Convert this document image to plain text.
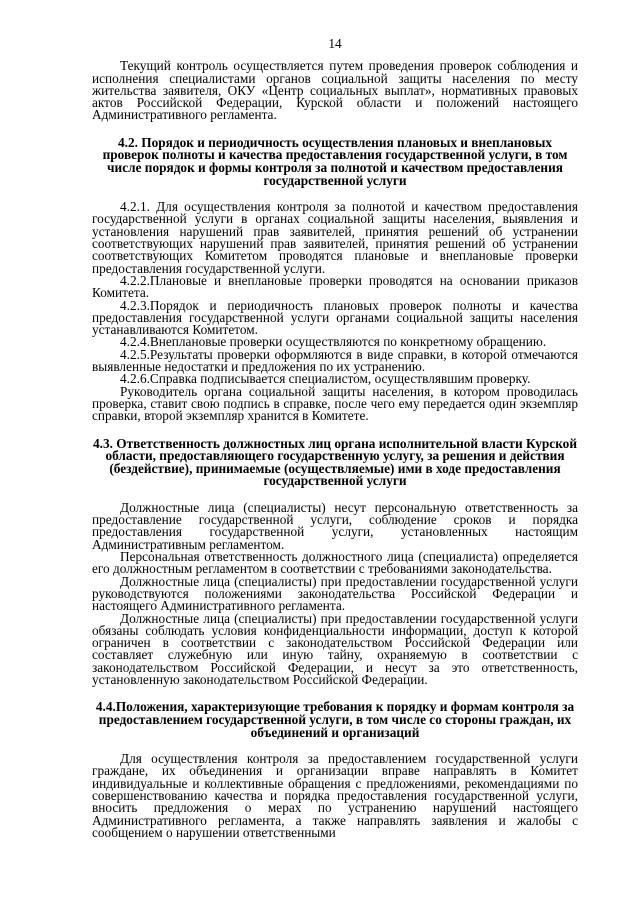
14

Текущий контроль осуществляется путем проведения проверок соблюдения и исполнения специалистами органов социальной защиты населения по месту жительства заявителя, ОКУ «Центр социальных выплат», нормативных правовых актов Российской Федерации, Курской области и положений настоящего Административного регламента.

4.2. Порядок и периодичность осуществления плановых и внеплановых проверок полноты и качества предоставления государственной услуги, в том числе порядок и формы контроля за полнотой и качеством предоставления государственной услуги

4.2.1. Для осуществления контроля за полнотой и качеством предоставления государственной услуги в органах социальной защиты населения, выявления и установления нарушений прав заявителей, принятия решений об устранении соответствующих нарушений прав заявителей, принятия решений об устранении соответствующих Комитетом проводятся плановые и внеплановые проверки предоставления государственной услуги.

4.2.2.Плановые и внеплановые проверки проводятся на основании приказов Комитета.

4.2.3.Порядок и периодичность плановых проверок полноты и качества предоставления государственной услуги органами социальной защиты населения устанавливаются Комитетом.

4.2.4.Внеплановые проверки осуществляются по конкретному обращению.

4.2.5.Результаты проверки оформляются в виде справки, в которой отмечаются выявленные недостатки и предложения по их устранению.

4.2.6.Справка подписывается специалистом, осуществлявшим проверку.

Руководитель органа социальной защиты населения, в котором проводилась проверка, ставит свою подпись в справке, после чего ему передается один экземпляр справки, второй экземпляр хранится в Комитете.

4.3. Ответственность должностных лиц органа исполнительной власти Курской области, предоставляющего государственную услугу, за решения и действия (бездействие), принимаемые (осуществляемые) ими в ходе предоставления государственной услуги

Должностные лица (специалисты) несут персональную ответственность за предоставление государственной услуги, соблюдение сроков и порядка предоставления государственной услуги, установленных настоящим Административным регламентом.

Персональная ответственность должностного лица (специалиста) определяется его должностным регламентом в соответствии с требованиями законодательства.

Должностные лица (специалисты) при предоставлении государственной услуги руководствуются положениями законодательства Российской Федерации и настоящего Административного регламента.

Должностные лица (специалисты) при предоставлении государственной услуги обязаны соблюдать условия конфиденциальности информации, доступ к которой ограничен в соответствии с законодательством Российской Федерации или составляет служебную или иную тайну, охраняемую в соответствии с законодательством Российской Федерации, и несут за это ответственность, установленную законодательством Российской Федерации.

4.4.Положения, характеризующие требования к порядку и формам контроля за предоставлением государственной услуги, в том числе со стороны граждан, их объединений и организаций

Для осуществления контроля за предоставлением государственной услуги граждане, их объединения и организации вправе направлять в Комитет индивидуальные и коллективные обращения с предложениями, рекомендациями по совершенствованию качества и порядка предоставления государственной услуги, вносить предложения о мерах по устранению нарушений настоящего Административного регламента, а также направлять заявления и жалобы с сообщением о нарушении ответственными
